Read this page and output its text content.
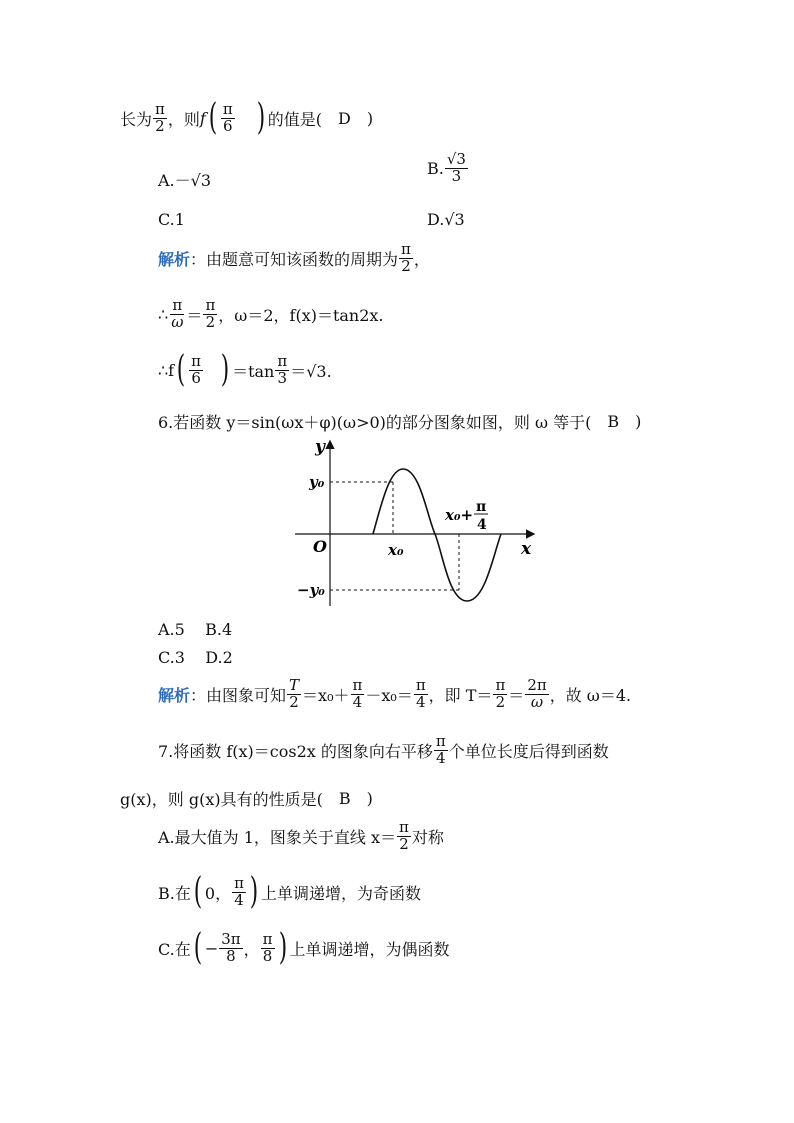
长为 $\frac{\pi}{2}$ ，则 f ( $\frac{\pi}{6}$ ) 的值是( D )
A.－√3
B. $\frac{√3}{3}$
C.1	D.√3
解析 ：由题意可知该函数的周期为 $\frac{\pi}{2}$ ，
∴ $\frac{\pi}{\omega} = \frac{\pi}{2}$ ，ω＝2，f(x)＝tan2x.
∴f ( $\frac{\pi}{6}$ ) $=\tan \frac{\pi}{3} =√3$.
6.若函数 y＝sin(ωx＋φ)(ω>0)的部分图象如图，则 ω 等于( B )
y
x
O
y₀
−y₀
x₀
x₀+ π
4
A.5    B.4
C.3    D.2
解析 ：由图象可知 $\frac{T}{2} =x_0+ \frac{\pi}{4} -x_0= \frac{\pi}{4}$ ，即 $T= \frac{\pi}{2} = \frac{2\pi}{\omega}$ ，故 ω＝4.
7.将函数 f(x)＝cos2x 的图象向右平移 $\frac{\pi}{4}$ 个单位长度后得到函数
g(x)，则 g(x)具有的性质是( B )
A.最大值为 1，图象关于直线 $x= \frac{\pi}{2}$ 对称
B.在 ( 0， $\frac{\pi}{4}$ ) 上单调递增，为奇函数
C.在 ( − $\frac{3\pi}{8}$ ， $\frac{\pi}{8}$ ) 上单调递增，为偶函数
